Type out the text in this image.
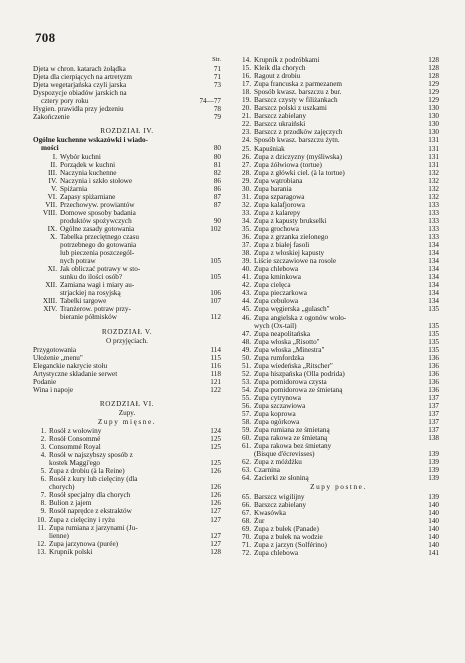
708
Str.
Djeta w chron. katarach żołądka	71
Djeta dla cierpiących na artretyzm	71
Djeta wegetarjańska czyli jarska	73
Dyspozycje obiadów jarskich na
cztery pory roku	74—77
Hygien. prawidła przy jedzeniu	78
Zakończenie	79
ROZDZIAŁ IV.
Ogólne kuchenne wskazówki i wiado-
mości	80
I. Wybór kuchni	80
II. Porządek w kuchni	81
III. Naczynia kuchenne	82
IV. Naczynia i szkło stołowe	86
V. Spiżarnia	86
VI. Zapasy spiżarniane	87
VII. Przechowyw. prowiantów	87
VIII. Domowe sposoby badania
produktów spożywczych	90
IX. Ogólne zasady gotowania	102
X. Tabelka przeciętnego czasu
potrzebnego do gotowania
lub pieczenia poszczegól-
nych potraw	105
XI. Jak obliczać potrawy w sto-
sunku do ilości osób?	105
XII. Zamiana wagi i miary au-
strjackiej na rosyjską	106
XIII. Tabelki targowe	107
XIV. Tranżerow. potraw przy-
bieranie półmisków	112
ROZDZIAŁ V.
O przyjęciach.
Przygotowania	114
Ułożenie „menu"	115
Eleganckie nakrycie stołu	116
Artystyczne składanie serwet	118
Podanie	121
Wina i napoje	122
ROZDZIAŁ VI.
Zupy.
Zupy mięsne.
1. Rosół z wołowiny	124
2. Rosół Consommé	125
3. Consommé Royal	125
4. Rosół w najszybszy sposób z
kostek Maggi'ego	125
5. Zupa z drobiu (à la Reine)	126
6. Rosół z kury lub cielęciny (dla
chorych)	126
7. Rosół specjalny dla chorych	126
8. Bulion z jajem	126
9. Rosół naprędce z ekstraktów	127
10. Zupa z cielęciny i ryżu	127
11. Zupa rumiana z jarzynami (Ju-
lienne)	127
12. Zupa jarzynowa (purée)	127
13. Krupnik polski	128
14. Krupnik z podróbkami	128
15. Kleik dla chorych	128
16. Ragout z drobiu	128
17. Zupa francuska z parmezanem	129
18. Sposób kwasz. barszczu z bur.	129
19. Barszcz czysty w filiżankach	129
20. Barszcz polski z uszkami	130
21. Barszcz zabielany	130
22. Barszcz ukraiński	130
23. Barszcz z przodków zajęczych	130
24. Sposób kwasz. barszczu żytn.	131
25. Kapuśniak	131
26. Zupa z dziczyzny (myśliwska)	131
27. Zupa żółwiowa (tortue)	131
28. Zupa z główki ciel. (à la tortue)	132
29. Zupa wątrobiana	132
30. Zupa barania	132
31. Zupa szparagowa	132
32. Zupa kalafjorowa	133
33. Zupa z kalarepy	133
34. Zupa z kapusty brukselki	133
35. Zupa grochowa	133
36. Zupa z grzanka zielonego	133
37. Zupa z białej fasoli	134
38. Zupa z włoskiej kapusty	134
39. Liście szczawiowe na rosole	134
40. Zupa chlebowa	134
41. Zupa kminkowa	134
42. Zupa cielęca	134
43. Zupa pieczarkowa	134
44. Zupa cebulowa	134
45. Zupa węgierska „gulasch"	135
46. Zupa angielska z ogonów woło-
wych (Ox-tail)	135
47. Zupa neapolitańska	135
48. Zupa włoska „Risotto"	135
49. Zupa włoska „Minestra"	135
50. Zupa rumfordzka	136
51. Zupa wiedeńska „Ritscher"	136
52. Zupa hiszpańska (Olla podrida)	136
53. Zupa pomidorowa czysta	136
54. Zupa pomidorowa ze śmietaną	136
55. Zupa cytrynowa	137
56. Zupa szczawiowa	137
57. Zupa koprowa	137
58. Zupa ogórkowa	137
59. Zupa rumiana ze śmietaną	137
60. Zupa rakowa ze śmietaną	138
61. Zupa rakowa bez śmietany
(Bisque d'écrevisses)	139
62. Zupa z móżdżku	139
63. Czarnina	139
64. Zacierki ze słoniną	139
Zupy postne.
65. Barszcz wigilijny	139
66. Barszcz zabielany	140
67. Kwasówka	140
68. Żur	140
69. Zupa z bułek (Panade)	140
70. Zupa z bułek na wodzie	140
71. Zupa z jarzyn (Solférino)	140
72. Zupa chlebowa	141
